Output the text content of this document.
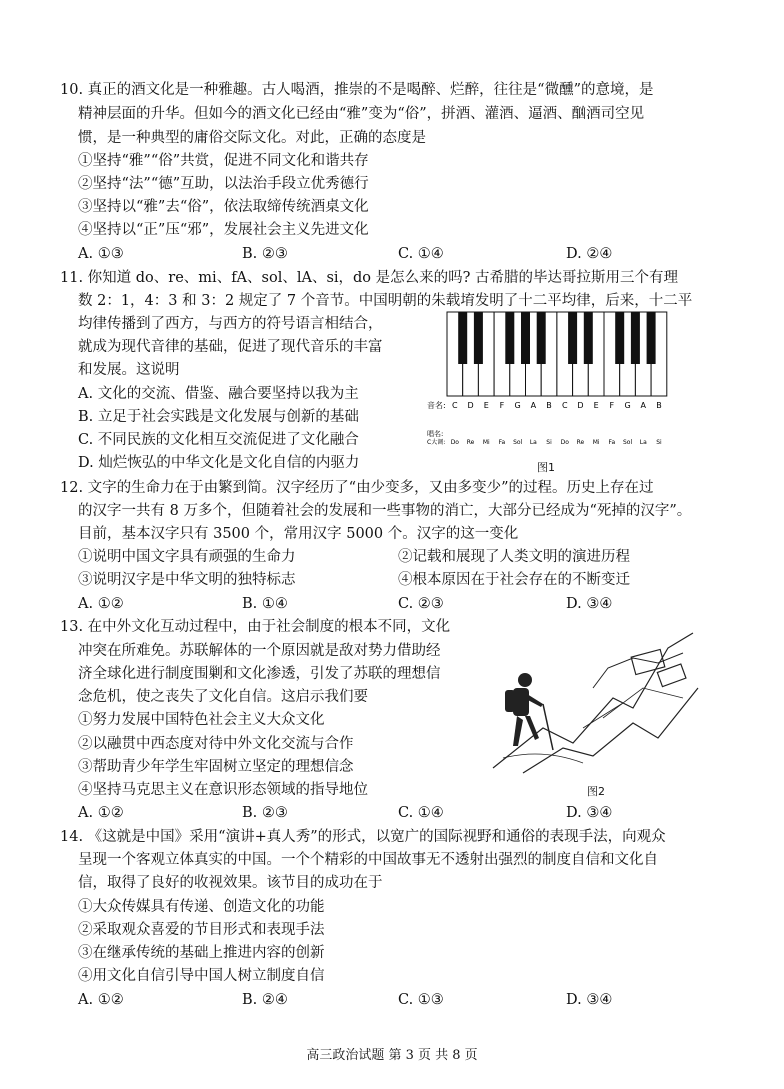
10. 真正的酒文化是一种雅趣。古人喝酒，推崇的不是喝醉、烂醉，往往是“微醺”的意境，是
精神层面的升华。但如今的酒文化已经由“雅”变为“俗”，拼酒、灌酒、逼酒、酗酒司空见
惯，是一种典型的庸俗交际文化。对此，正确的态度是
①坚持“雅”“俗”共赏，促进不同文化和谐共存
②坚持“法”“德”互助，以法治手段立优秀德行
③坚持以“雅”去“俗”，依法取缔传统酒桌文化
④坚持以“正”压“邪”，发展社会主义先进文化
A. ①③	B. ②③	C. ①④	D. ②④
11. 你知道 do、re、mi、fA、sol、lA、si，do 是怎么来的吗? 古希腊的毕达哥拉斯用三个有理
数 2：1，4：3 和 3：2 规定了 7 个音节。中国明朝的朱载堉发明了十二平均律，后来，十二平
均律传播到了西方，与西方的符号语言相结合，
就成为现代音律的基础，促进了现代音乐的丰富
和发展。这说明
A. 文化的交流、借鉴、融合要坚持以我为主
B. 立足于社会实践是文化发展与创新的基础
C. 不同民族的文化相互交流促进了文化融合
D. 灿烂恢弘的中华文化是文化自信的内驱力
音名: C D E F G A B C D E F G A B
唱名:
C大调: Do Re Mi Fa Sol La Si Do Re Mi Fa Sol La Si
图1
12. 文字的生命力在于由繁到简。汉字经历了“由少变多，又由多变少”的过程。历史上存在过
的汉字一共有 8 万多个，但随着社会的发展和一些事物的消亡，大部分已经成为“死掉的汉字”。
目前，基本汉字只有 3500 个，常用汉字 5000 个。汉字的这一变化
①说明中国文字具有顽强的生命力	②记载和展现了人类文明的演进历程
③说明汉字是中华文明的独特标志	④根本原因在于社会存在的不断变迁
A. ①②	B. ①④	C. ②③	D. ③④
13. 在中外文化互动过程中，由于社会制度的根本不同，文化
冲突在所难免。苏联解体的一个原因就是敌对势力借助经
济全球化进行制度围剿和文化渗透，引发了苏联的理想信
念危机，使之丧失了文化自信。这启示我们要
①努力发展中国特色社会主义大众文化
②以融贯中西态度对待中外文化交流与合作
③帮助青少年学生牢固树立坚定的理想信念
④坚持马克思主义在意识形态领域的指导地位	图2
A. ①②	B. ②③	C. ①④	D. ③④
14. 《这就是中国》采用“演讲+真人秀”的形式，以宽广的国际视野和通俗的表现手法，向观众
呈现一个客观立体真实的中国。一个个精彩的中国故事无不透射出强烈的制度自信和文化自
信，取得了良好的收视效果。该节目的成功在于
①大众传媒具有传递、创造文化的功能
②采取观众喜爱的节目形式和表现手法
③在继承传统的基础上推进内容的创新
④用文化自信引导中国人树立制度自信
A. ①②	B. ②④	C. ①③	D. ③④
高三政治试题 第 3 页 共 8 页
